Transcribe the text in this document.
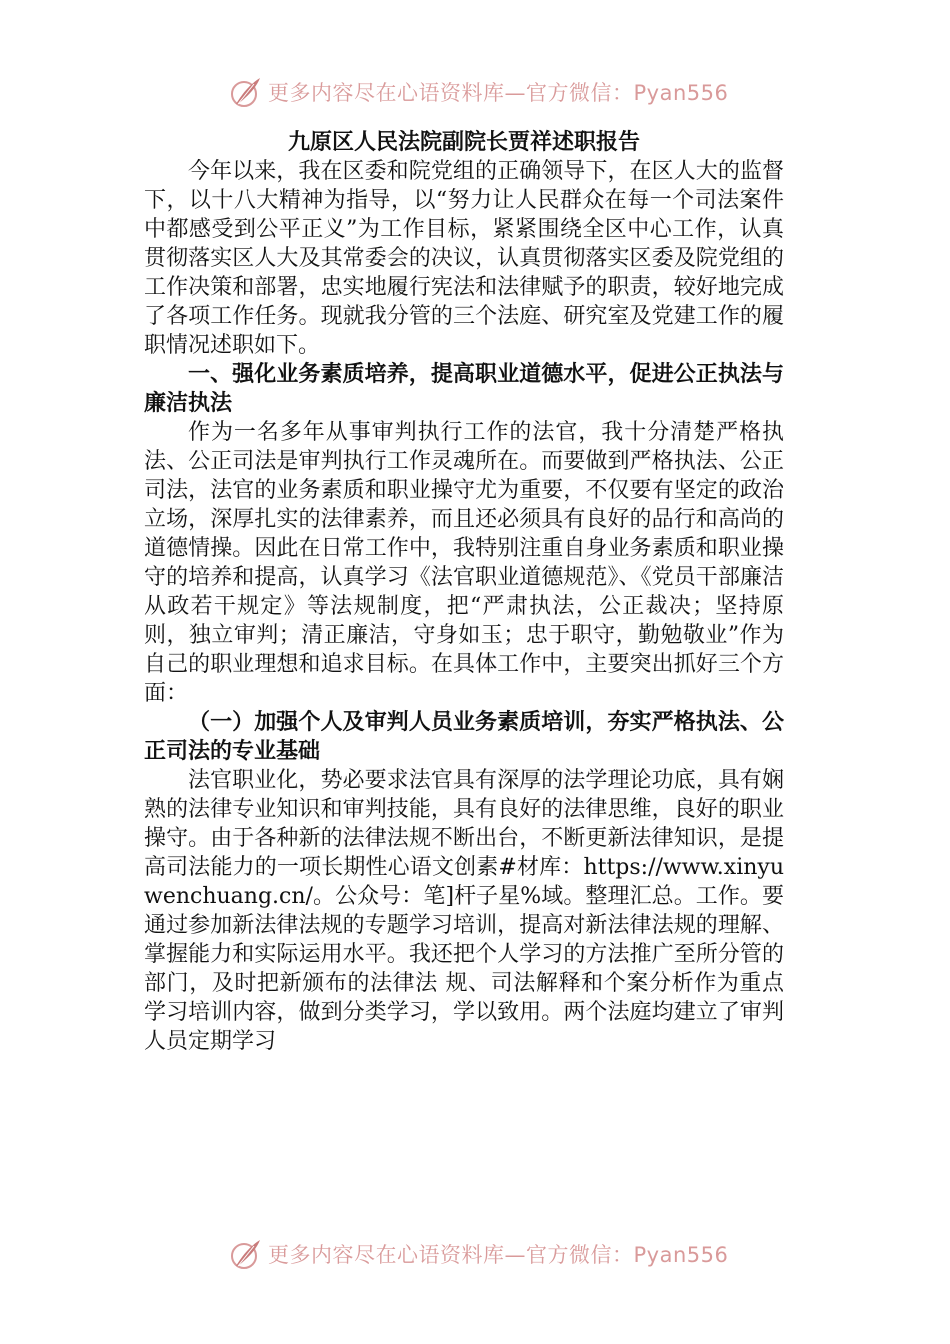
更多内容尽在心语资料库—官方微信：Pyan556
九原区人民法院副院长贾祥述职报告

今年以来，我在区委和院党组的正确领导下，在区人大的监督下，以十八大精神为指导，以“努力让人民群众在每一个司法案件中都感受到公平正义”为工作目标，紧紧围绕全区中心工作，认真贯彻落实区人大及其常委会的决议，认真贯彻落实区委及院党组的工作决策和部署，忠实地履行宪法和法律赋予的职责，较好地完成了各项工作任务。现就我分管的三个法庭、研究室及党建工作的履职情况述职如下。

一、强化业务素质培养，提高职业道德水平，促进公正执法与廉洁执法

作为一名多年从事审判执行工作的法官，我十分清楚严格执法、公正司法是审判执行工作灵魂所在。而要做到严格执法、公正司法，法官的业务素质和职业操守尤为重要，不仅要有坚定的政治立场，深厚扎实的法律素养，而且还必须具有良好的品行和高尚的道德情操。因此在日常工作中，我特别注重自身业务素质和职业操守的培养和提高，认真学习《法官职业道德规范》、《党员干部廉洁从政若干规定》等法规制度，把“严肃执法，公正裁决；坚持原则，独立审判；清正廉洁，守身如玉；忠于职守，勤勉敬业”作为自己的职业理想和追求目标。在具体工作中，主要突出抓好三个方面：

（一）加强个人及审判人员业务素质培训，夯实严格执法、公正司法的专业基础

法官职业化，势必要求法官具有深厚的法学理论功底，具有娴熟的法律专业知识和审判技能，具有良好的法律思维，良好的职业操守。由于各种新的法律法规不断出台，不断更新法律知识，是提高司法能力的一项长期性心语文创素#材库：https://www.xinyuwenchuang.cn/。公众号：笔]杆子星%域。整理汇总。工作。要通过参加新法律法规的专题学习培训，提高对新法律法规的理解、掌握能力和实际运用水平。我还把个人学习的方法推广至所分管的部门，及时把新颁布的法律法 规、司法解释和个案分析作为重点学习培训内容，做到分类学习，学以致用。两个法庭均建立了审判人员定期学习

更多内容尽在心语资料库—官方微信：Pyan556
